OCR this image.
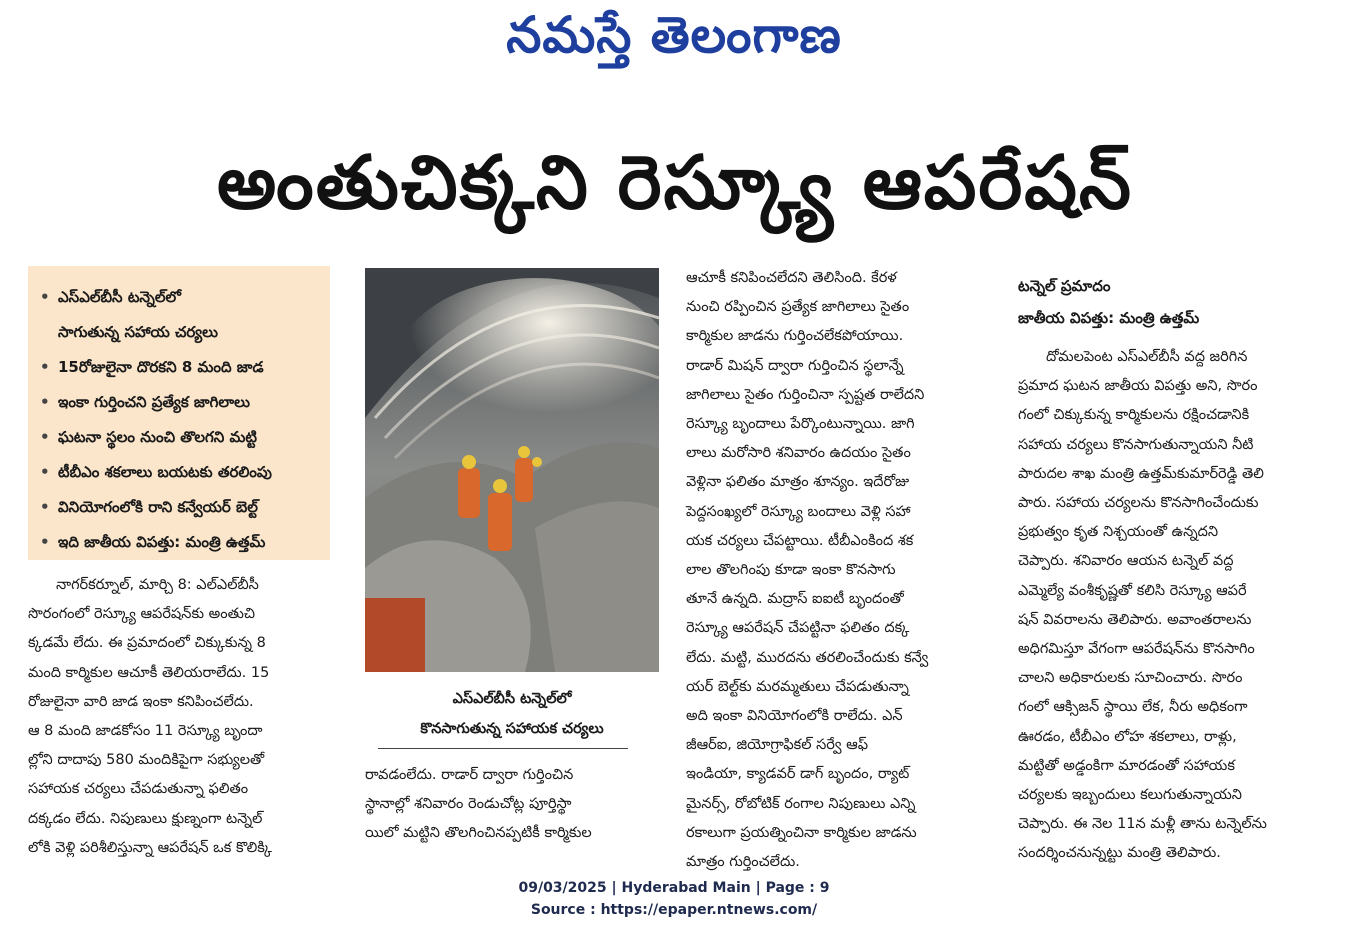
నమస్తే తెలంగాణ
అంతుచిక్కని రెస్క్యూ ఆపరేషన్
• ఎస్‌ఎల్‌బీసీ టన్నెల్‌లో
సాగుతున్న సహాయ చర్యలు
• 15రోజులైనా దొరకని 8 మంది జాడ
• ఇంకా గుర్తించని ప్రత్యేక జాగిలాలు
• ఘటనా స్థలం నుంచి తొలగని మట్టి
• టీబీఎం శకలాలు బయటకు తరలింపు
• వినియోగంలోకి రాని కన్వేయర్ బెల్ట్
• ఇది జాతీయ విపత్తు: మంత్రి ఉత్తమ్

నాగర్‌కర్నూల్, మార్చి 8: ఎల్‌ఎల్‌బీసీ

సొరంగంలో రెస్క్యూ ఆపరేషన్‌కు అంతుచి

క్కడమే లేదు. ఈ ప్రమాదంలో చిక్కుకున్న 8

మంది కార్మికుల ఆచూకీ తెలియరాలేదు. 15

రోజులైనా వారి జాడ ఇంకా కనిపించలేదు.

ఆ 8 మంది జాడకోసం 11 రెస్క్యూ బృందా

ల్లోని దాదాపు 580 మందికిపైగా సభ్యులతో

సహాయక చర్యలు చేపడుతున్నా ఫలితం

దక్కడం లేదు. నిపుణులు క్షుణ్నంగా టన్నెల్

లోకి వెళ్లి పరిశీలిస్తున్నా ఆపరేషన్ ఒక కొలిక్కి

ఎస్‌ఎల్‌బీసీ టన్నెల్‌లో
కొనసాగుతున్న సహాయక చర్యలు

రావడంలేదు. రాడార్ ద్వారా గుర్తించిన

స్థానాల్లో శనివారం రెండుచోట్ల పూర్తిస్థా

యిలో మట్టిని తొలగించినప్పటికీ కార్మికుల

ఆచూకీ కనిపించలేదని తెలిసింది. కేరళ

నుంచి రప్పించిన ప్రత్యేక జాగిలాలు సైతం

కార్మికుల జాడను గుర్తించలేకపోయాయి.

రాడార్ మిషన్ ద్వారా గుర్తించిన స్థలాన్నే

జాగిలాలు సైతం గుర్తించినా స్పష్టత రాలేదని

రెస్క్యూ బృందాలు పేర్కొంటున్నాయి. జాగి

లాలు మరోసారి శనివారం ఉదయం సైతం

వెళ్లినా ఫలితం మాత్రం శూన్యం. ఇదేరోజు

పెద్దసంఖ్యలో రెస్క్యూ బందాలు వెళ్లి సహా

యక చర్యలు చేపట్టాయి. టీబీఎంకింద శక

లాల తొలగింపు కూడా ఇంకా కొనసాగు

తూనే ఉన్నది. మద్రాస్ ఐఐటీ బృందంతో

రెస్క్యూ ఆపరేషన్ చేపట్టినా ఫలితం దక్క

లేదు. మట్టి, మురదను తరలించేందుకు కన్వే

యర్ బెల్ట్‌కు మరమ్మతులు చేపడుతున్నా

అది ఇంకా వినియోగంలోకి రాలేదు. ఎన్

జీఆర్ఐ, జియోగ్రాఫికల్ సర్వే ఆఫ్

ఇండియా, క్యాడవర్ డాగ్ బృందం, ర్యాట్

మైనర్స్, రోబోటిక్ రంగాల నిపుణులు ఎన్ని

రకాలుగా ప్రయత్నించినా కార్మికుల జాడను

మాత్రం గుర్తించలేదు.

టన్నెల్ ప్రమాదం
జాతీయ విపత్తు: మంత్రి ఉత్తమ్

దోమలపెంట ఎస్‌ఎల్‌బీసీ వద్ద జరిగిన

ప్రమాద ఘటన జాతీయ విపత్తు అని, సొరం

గంలో చిక్కుకున్న కార్మికులను రక్షించడానికి

సహాయ చర్యలు కొనసాగుతున్నాయని నీటి

పారుదల శాఖ మంత్రి ఉత్తమ్‌కుమార్‌రెడ్డి తెలి

పారు. సహాయ చర్యలను కొనసాగించేందుకు

ప్రభుత్వం కృత నిశ్చయంతో ఉన్నదని

చెప్పారు. శనివారం ఆయన టన్నెల్ వద్ద

ఎమ్మెల్యే వంశీకృష్ణతో కలిసి రెస్క్యూ ఆపరే

షన్ వివరాలను తెలిపారు. అవాంతరాలను

అధిగమిస్తూ వేగంగా ఆపరేషన్‌ను కొనసాగిం

చాలని అధికారులకు సూచించారు. సొరం

గంలో ఆక్సిజన్ స్థాయి లేక, నీరు అధికంగా

ఊరడం, టీబీఎం లోహ శకలాలు, రాళ్లు,

మట్టితో అడ్డంకిగా మారడంతో సహాయక

చర్యలకు ఇబ్బందులు కలుగుతున్నాయని

చెప్పారు. ఈ నెల 11న మళ్లీ తాను టన్నెల్‌ను

సందర్శించనున్నట్టు మంత్రి తెలిపారు.

09/03/2025 | Hyderabad Main | Page : 9
Source : https://epaper.ntnews.com/
